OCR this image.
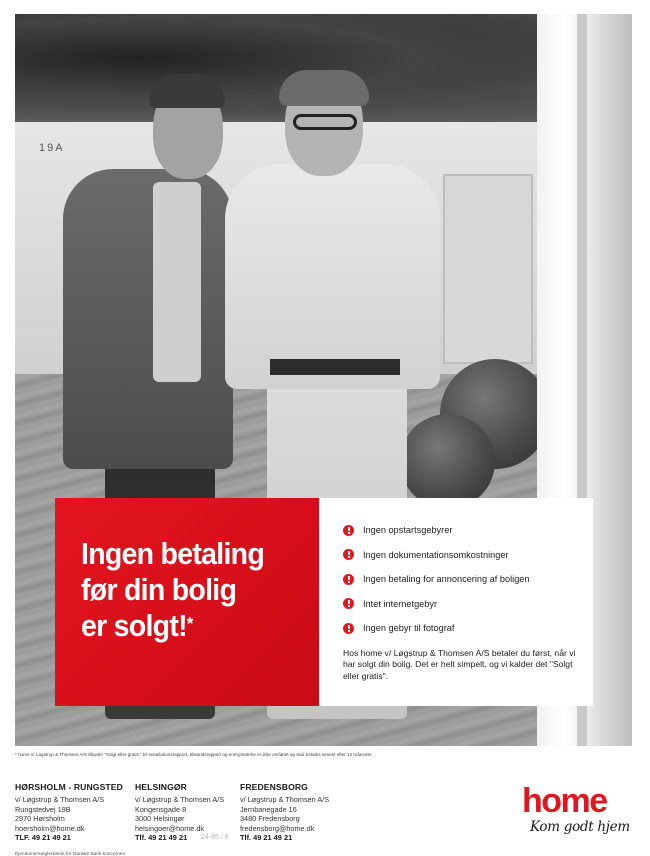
19A
Ingen betaling
før din bolig
er solgt!*
Ingen opstartsgebyrer
Ingen dokumentationsomkostninger
Ingen betaling for annoncering af boligen
Intet internetgebyr
Ingen gebyr til fotograf

Hos home v/ Løgstrup & Thomsen A/S betaler du først, når vi har solgt din bolig. Det er helt simpelt, og vi kalder det "Solgt eller gratis".

* home v/ Løgstrup & Thomsen A/S tilbyder "Solgt eller gratis". El-installationsrapport, tilstandsrapport og energimærke er ikke omfattet og skal betales senest efter 12 måneder.
HØRSHOLM - RUNGSTED
v/ Løgstrup & Thomsen A/S
Rungstedvej 19B
2970 Hørsholm
hoersholm@home.dk
TLF. 49 21 49 21
HELSINGØR
v/ Løgstrup & Thomsen A/S
Kongensgade 8
3000 Helsingør
helsingoer@home.dk
Tlf. 49 21 49 21
FREDENSBORG
v/ Løgstrup & Thomsen A/S
Jernbanegade 16
3480 Fredensborg
fredensborg@home.dk
Tlf. 49 21 49 21
24-85 / 8
Ejendomsmæglerkæde for Danske Bank koncernen
home
Kom godt hjem
